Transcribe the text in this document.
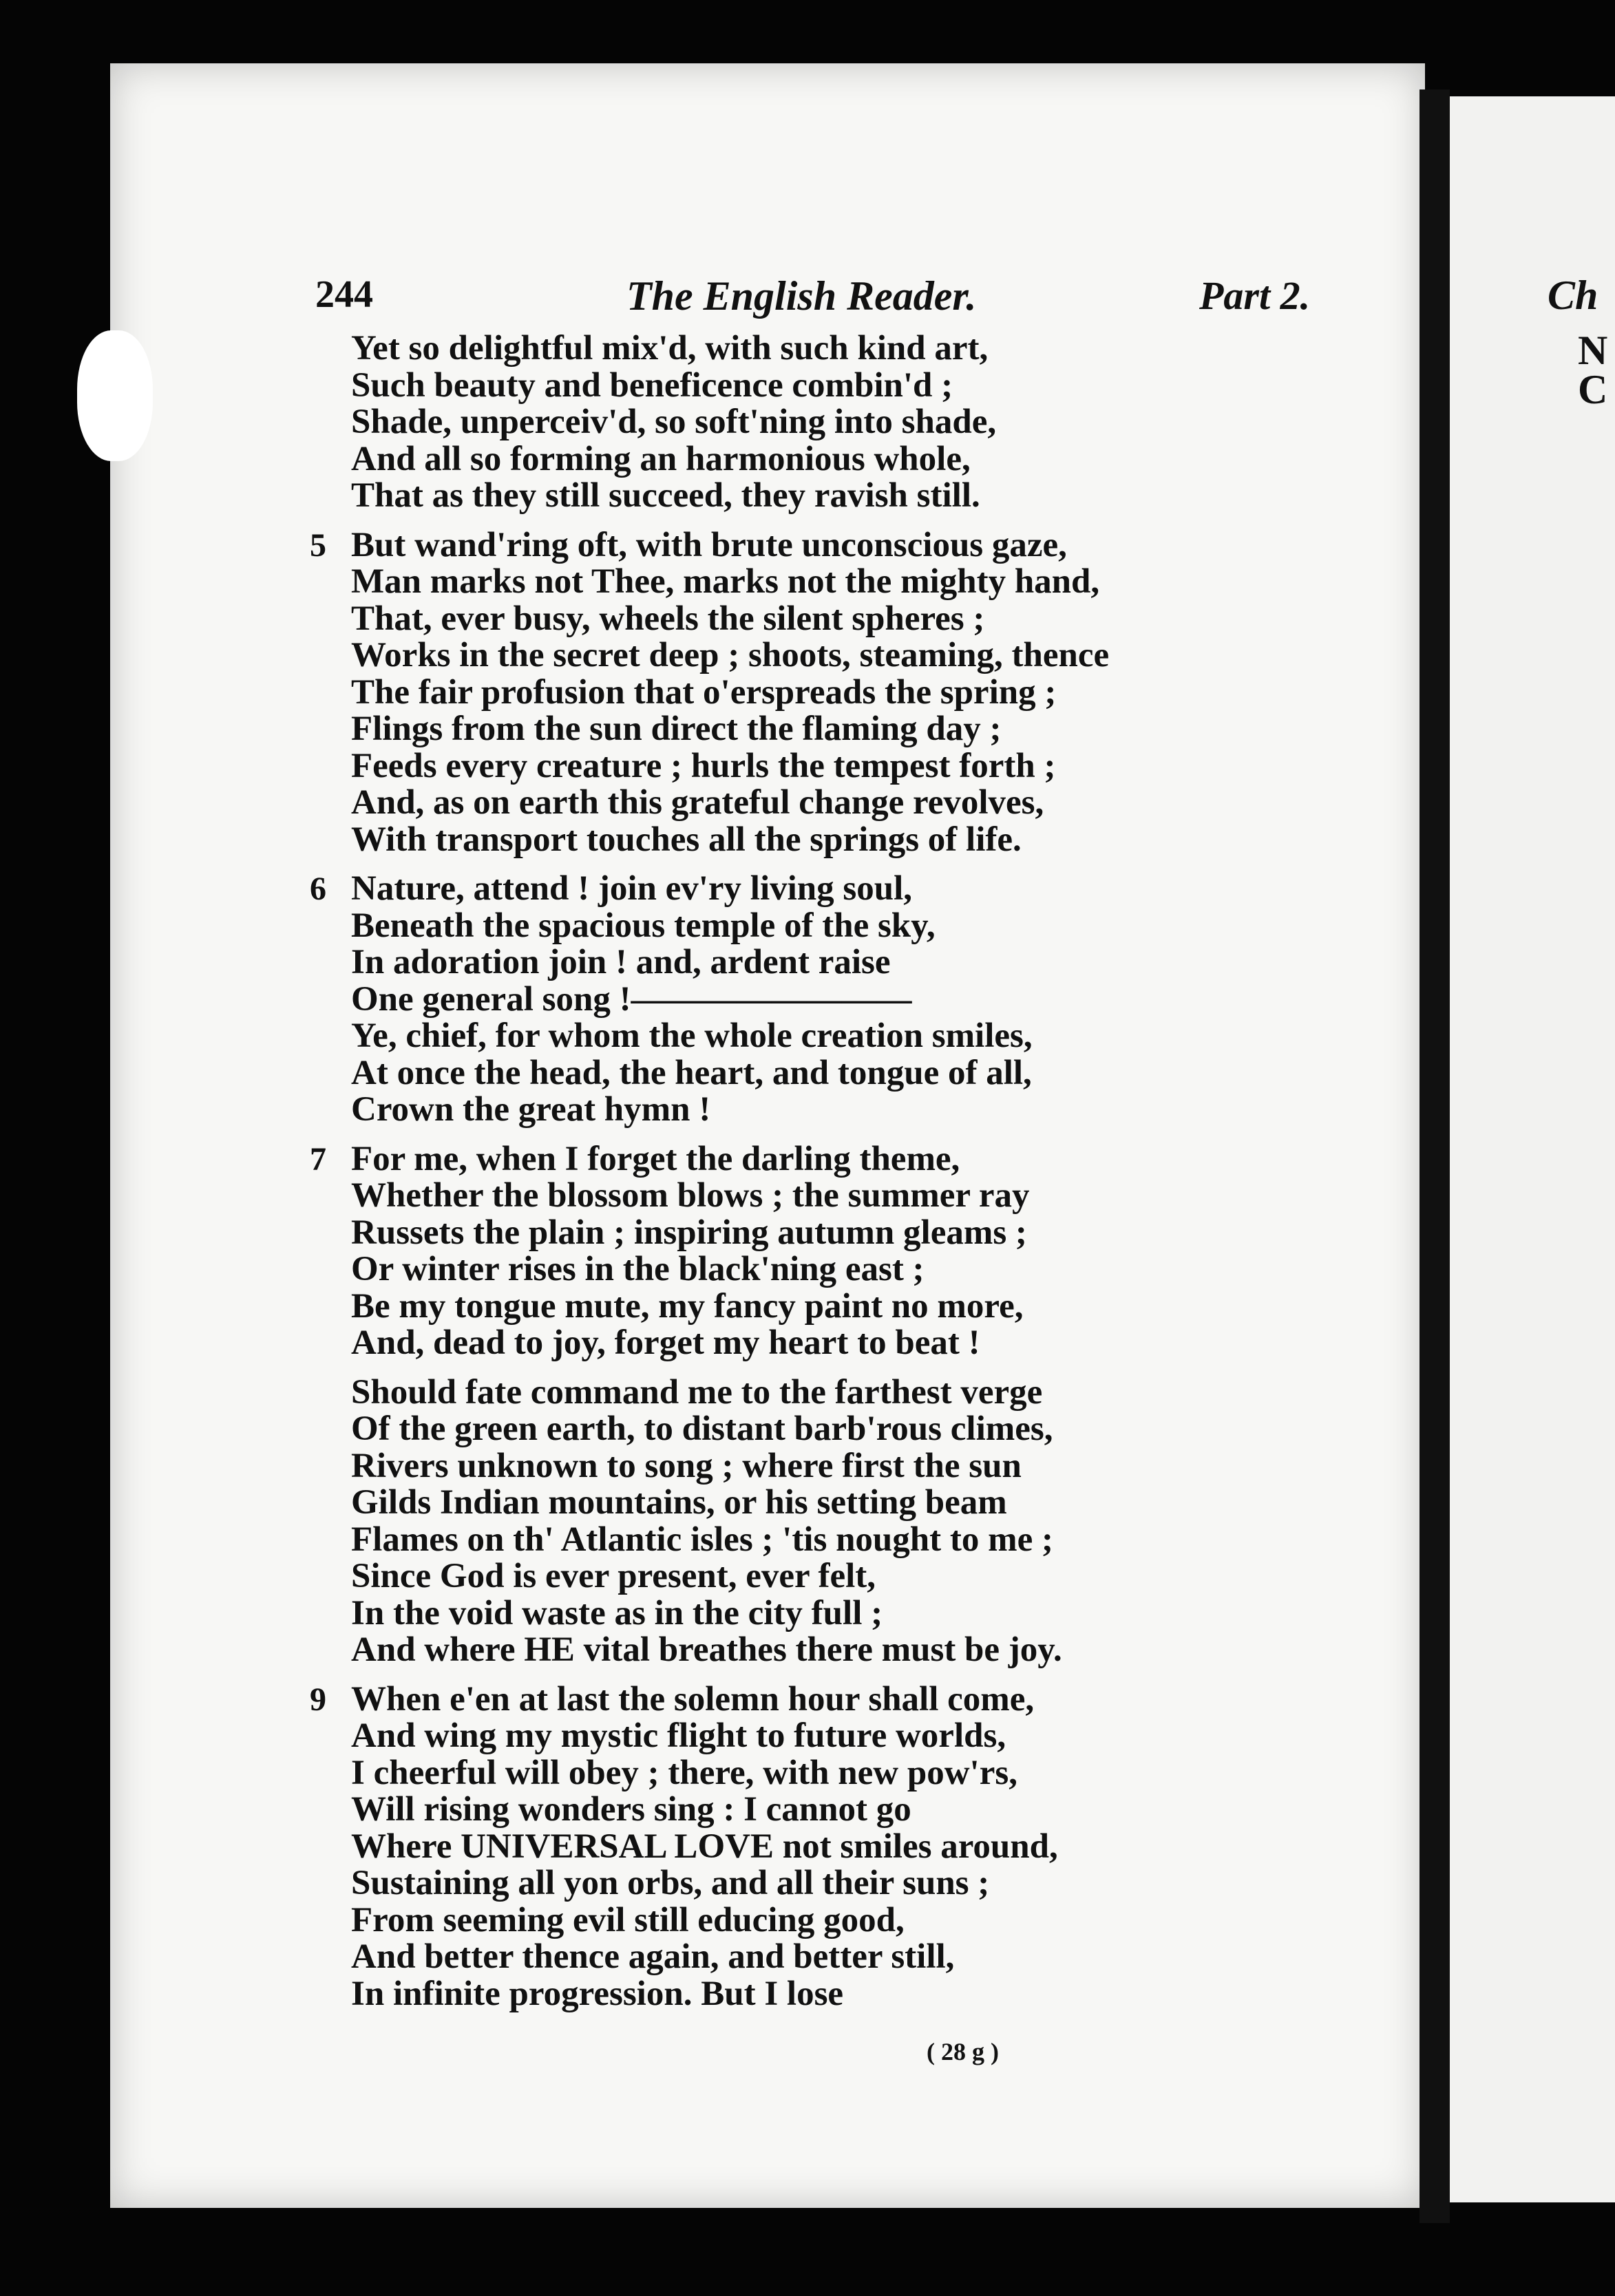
Ch
N
C
244	The English Reader.	Part 2.
Yet so delightful mix'd, with such kind art,
Such beauty and beneficence combin'd ;
Shade, unperceiv'd, so soft'ning into shade,
And all so forming an harmonious whole,
That as they still succeed, they ravish still.
5 But wand'ring oft, with brute unconscious gaze,
Man marks not Thee, marks not the mighty hand,
That, ever busy, wheels the silent spheres ;
Works in the secret deep ; shoots, steaming, thence
The fair profusion that o'erspreads the spring ;
Flings from the sun direct the flaming day ;
Feeds every creature ; hurls the tempest forth ;
And, as on earth this grateful change revolves,
With transport touches all the springs of life.
6 Nature, attend ! join ev'ry living soul,
Beneath the spacious temple of the sky,
In adoration join ! and, ardent raise
One general song !————————
Ye, chief, for whom the whole creation smiles,
At once the head, the heart, and tongue of all,
Crown the great hymn !
7 For me, when I forget the darling theme,
Whether the blossom blows ; the summer ray
Russets the plain ; inspiring autumn gleams ;
Or winter rises in the black'ning east ;
Be my tongue mute, my fancy paint no more,
And, dead to joy, forget my heart to beat !
Should fate command me to the farthest verge
Of the green earth, to distant barb'rous climes,
Rivers unknown to song ; where first the sun
Gilds Indian mountains, or his setting beam
Flames on th' Atlantic isles ; 'tis nought to me ;
Since God is ever present, ever felt,
In the void waste as in the city full ;
And where HE vital breathes there must be joy.
9 When e'en at last the solemn hour shall come,
And wing my mystic flight to future worlds,
I cheerful will obey ; there, with new pow'rs,
Will rising wonders sing : I cannot go
Where UNIVERSAL LOVE not smiles around,
Sustaining all yon orbs, and all their suns ;
From seeming evil still educing good,
And better thence again, and better still,
In infinite progression. But I lose
( 28 g )
